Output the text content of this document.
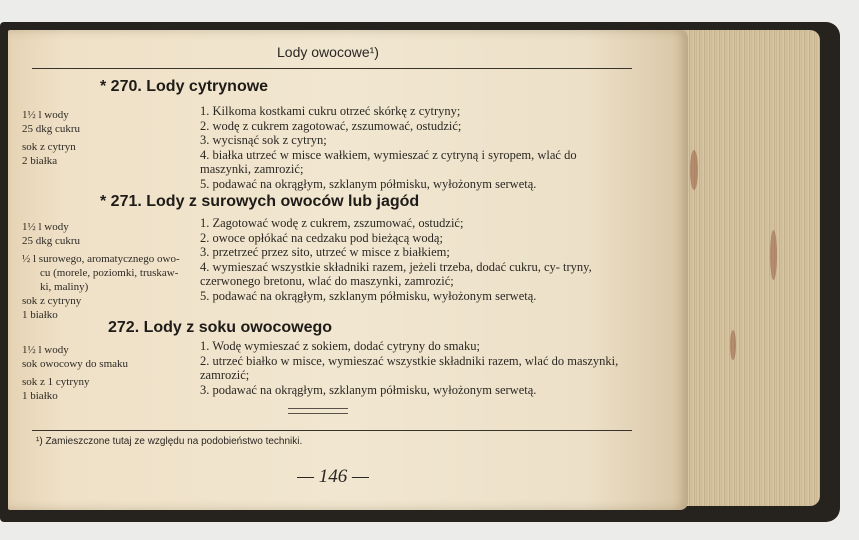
Lody owocowe¹)
* 270. Lody cytrynowe
1½ l wody
25 dkg cukru
sok z cytryn
2 białka
1. Kilkoma kostkami cukru otrzeć skórkę z cytryny;
2. wodę z cukrem zagotować, zszumować, ostudzić;
3. wycisnąć sok z cytryn;
4. białka utrzeć w misce wałkiem, wymieszać z cytryną i syropem, wlać do maszynki, zamrozić;
5. podawać na okrągłym, szklanym półmisku, wyłożonym serwetą.
* 271. Lody z surowych owoców lub jagód
1½ l wody
25 dkg cukru
½ l surowego, aromatycznego owo-
cu (morele, poziomki, truskaw-
ki, maliny)
sok z cytryny
1 białko
1. Zagotować wodę z cukrem, zszumować, ostudzić;
2. owoce opłókać na cedzaku pod bieżącą wodą;
3. przetrzeć przez sito, utrzeć w misce z białkiem;
4. wymieszać wszystkie składniki razem, jeżeli trzeba, dodać cukru, cy- tryny, czerwonego bretonu, wlać do maszynki, zamrozić;
5. podawać na okrągłym, szklanym półmisku, wyłożonym serwetą.
272. Lody z soku owocowego
1½ l wody
sok owocowy do smaku
sok z 1 cytryny
1 białko
1. Wodę wymieszać z sokiem, dodać cytryny do smaku;
2. utrzeć białko w misce, wymieszać wszystkie składniki razem, wlać do maszynki, zamrozić;
3. podawać na okrągłym, szklanym półmisku, wyłożonym serwetą.
¹) Zamieszczone tutaj ze względu na podobieństwo techniki.
— 146 —
